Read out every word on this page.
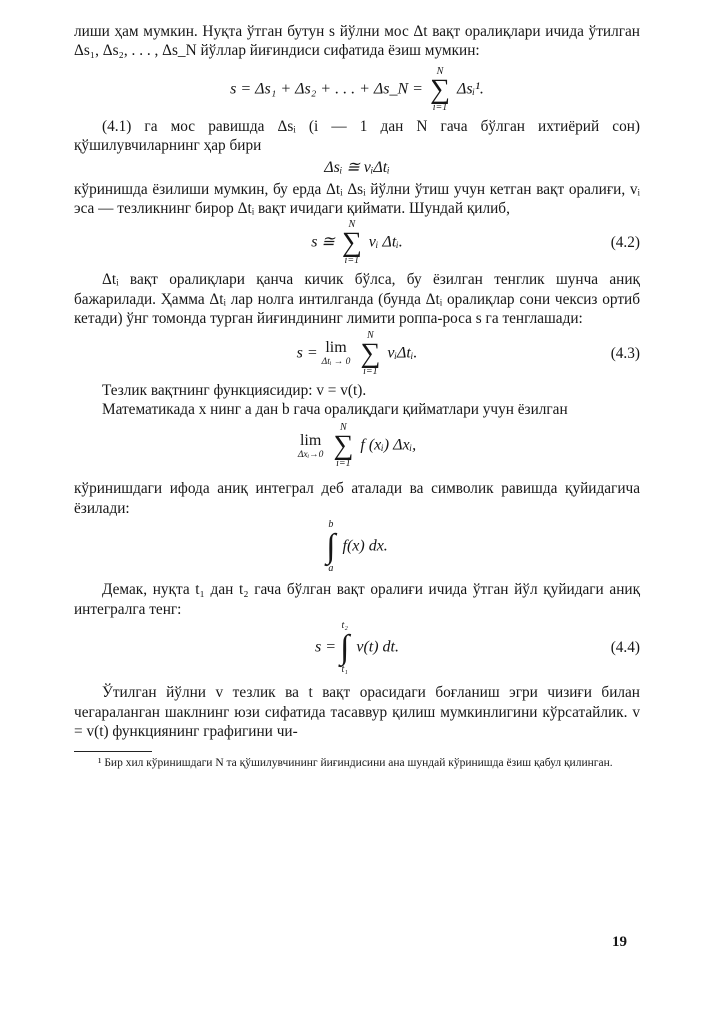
лиши ҳам мумкин. Нуқта ўтган бутун s йўлни мос Δt вақт оралиқлари ичида ўтилган Δs₁, Δs₂, . . . , Δs_N йўллар йиғиндиси сифатида ёзиш мумкин:

s = Δs₁ + Δs₂ + . . . + Δs_N =
N
∑
i=1
Δsᵢ¹.

(4.1) га мос равишда Δsᵢ (i — 1 дан N гача бўлган ихтиёрий сон) қўшилувчиларнинг ҳар бири

Δsᵢ ≅ vᵢΔtᵢ

кўринишда ёзилиши мумкин, бу ерда Δtᵢ Δsᵢ йўлни ўтиш учун кетган вақт оралиғи, vᵢ эса — тезликнинг бирор Δtᵢ вақт ичидаги қиймати. Шундай қилиб,

s ≅
N
∑
i=1
vᵢ Δtᵢ.	(4.2)

Δtᵢ вақт оралиқлари қанча кичик бўлса, бу ёзилган тенглик шунча аниқ бажарилади. Ҳамма Δtᵢ лар нолга интилганда (бунда Δtᵢ оралиқлар сони чексиз ортиб кетади) ўнг томонда турган йиғиндининг лимити роппа-роса s га тенглашади:

s = lim
Δtᵢ → 0

N
∑
i=1
vᵢΔtᵢ.	(4.3)

Тезлик вақтнинг функциясидир: v = v(t).

Математикада x нинг a дан b гача оралиқдаги қийматлари учун ёзилган

lim
Δxᵢ→0

N
∑
i=1
f (xᵢ) Δxᵢ,

кўринишдаги ифода аниқ интеграл деб аталади ва символик равишда қуйидагича ёзилади:

b
∫
a
f(x) dx.

Демак, нуқта t₁ дан t₂ гача бўлган вақт оралиғи ичида ўтган йўл қуйидаги аниқ интегралга тенг:

s =
t₂
∫
t₁
v(t) dt.	(4.4)

Ўтилган йўлни v тезлик ва t вақт орасидаги боғланиш эгри чизиғи билан чегараланган шаклнинг юзи сифатида тасаввур қилиш мумкинлигини кўрсатайлик. v = v(t) функциянинг графигини чи-

¹ Бир хил кўринишдаги N та қўшилувчининг йиғиндисини ана шундай кўринишда ёзиш қабул қилинган.

19
